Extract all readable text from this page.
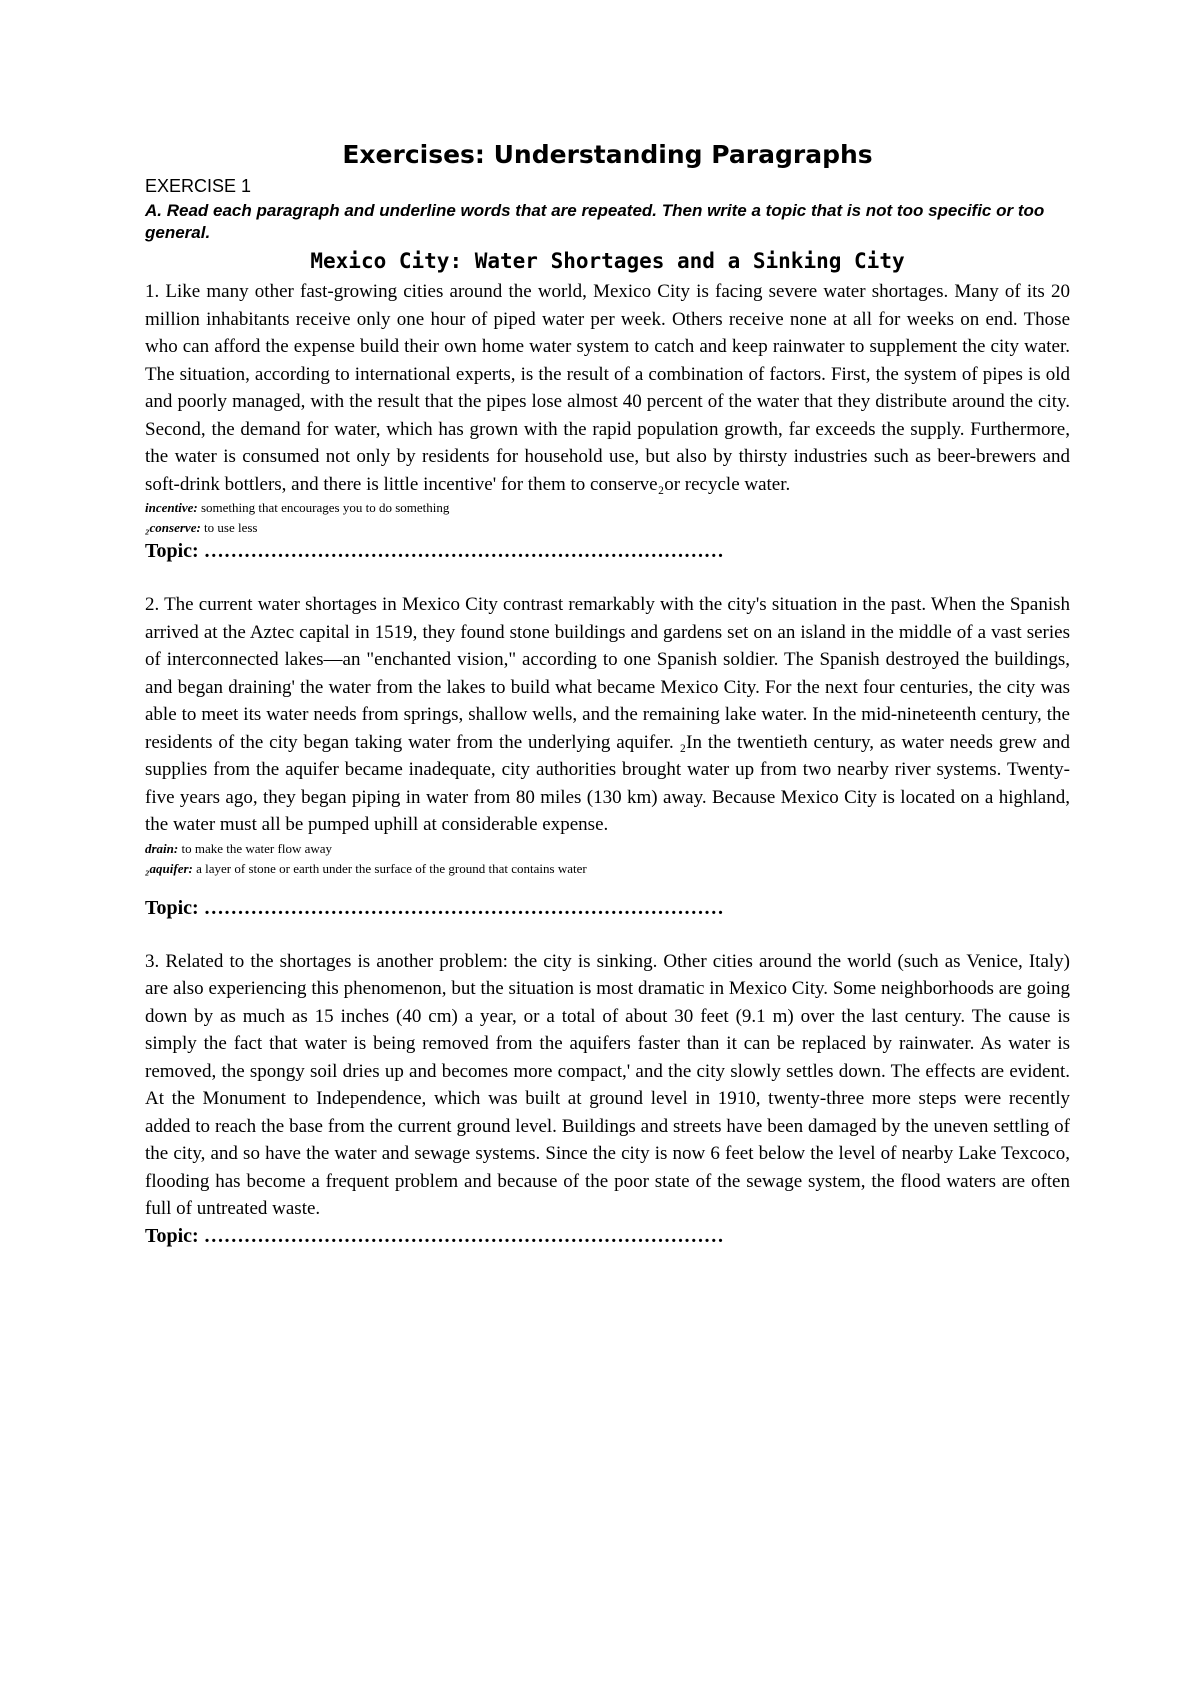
Exercises: Understanding Paragraphs

EXERCISE 1

A. Read each paragraph and underline words that are repeated. Then write a topic that is not too specific or too general.

Mexico City: Water Shortages and a Sinking City

1. Like many other fast-growing cities around the world, Mexico City is facing severe water shortages. Many of its 20 million inhabitants receive only one hour of piped water per week. Others receive none at all for weeks on end. Those who can afford the expense build their own home water system to catch and keep rainwater to supplement the city water. The situation, according to international experts, is the result of a combination of factors. First, the system of pipes is old and poorly managed, with the result that the pipes lose almost 40 percent of the water that they distribute around the city. Second, the demand for water, which has grown with the rapid population growth, far exceeds the supply. Furthermore, the water is consumed not only by residents for household use, but also by thirsty industries such as beer-brewers and soft-drink bottlers, and there is little incentive' for them to conserve₂or recycle water.

incentive: something that encourages you to do something

₂conserve: to use less

Topic: ……………………………………………………………………

2. The current water shortages in Mexico City contrast remarkably with the city's situation in the past. When the Spanish arrived at the Aztec capital in 1519, they found stone buildings and gardens set on an island in the middle of a vast series of interconnected lakes—an "enchanted vision," according to one Spanish soldier. The Spanish destroyed the buildings, and began draining' the water from the lakes to build what became Mexico City. For the next four centuries, the city was able to meet its water needs from springs, shallow wells, and the remaining lake water. In the mid-nineteenth century, the residents of the city began taking water from the underlying aquifer. ₂In the twentieth century, as water needs grew and supplies from the aquifer became inadequate, city authorities brought water up from two nearby river systems. Twenty-five years ago, they began piping in water from 80 miles (130 km) away. Because Mexico City is located on a highland, the water must all be pumped uphill at considerable expense.

drain: to make the water flow away

₂aquifer: a layer of stone or earth under the surface of the ground that contains water

Topic: ……………………………………………………………………

3. Related to the shortages is another problem: the city is sinking. Other cities around the world (such as Venice, Italy) are also experiencing this phenomenon, but the situation is most dramatic in Mexico City. Some neighborhoods are going down by as much as 15 inches (40 cm) a year, or a total of about 30 feet (9.1 m) over the last century. The cause is simply the fact that water is being removed from the aquifers faster than it can be replaced by rainwater. As water is removed, the spongy soil dries up and becomes more compact,' and the city slowly settles down. The effects are evident. At the Monument to Independence, which was built at ground level in 1910, twenty-three more steps were recently added to reach the base from the current ground level. Buildings and streets have been damaged by the uneven settling of the city, and so have the water and sewage systems. Since the city is now 6 feet below the level of nearby Lake Texcoco, flooding has become a frequent problem and because of the poor state of the sewage system, the flood waters are often full of untreated waste.

Topic: ……………………………………………………………………
